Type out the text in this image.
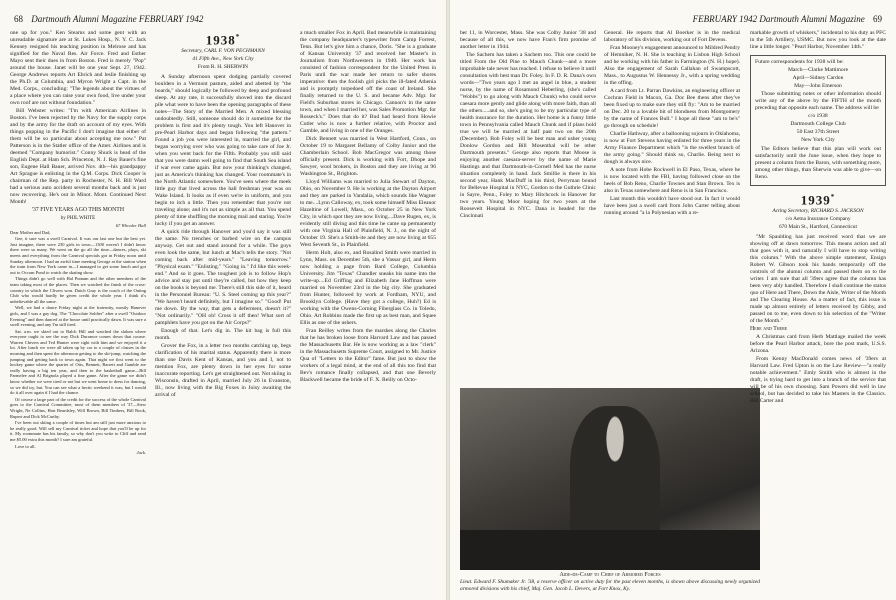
68 Dartmouth Alumni Magazine FEBRUARY 1942

one up for you." Ken Stearns and some gent with an unreadable signature are at St. Lukes Hosp., N. Y. C. Jack Kenney resigned his teaching position in Melrose and has signified for the Naval Res. Air Force. Fred and Esther Mayo sent their dues in from Boston. Fred is merely "Pop" around the house. Janet will be one year Sept. 27, 1942. George Andrews reports Art Ehrich and leslie finishing up the Ph.D. at Columbia, and Myron Wright a Capt. in the Med. Corps., concluding: "The legends about the virtues of a place where you can raise your own food, live under your own roof are not without foundation."

Bill Webster writes: "I'm with American Airlines in Boston. I've been rejected by the Navy for the supply corps and by the army for the draft on account of my eyes. With things popping in the Pacific I don't imagine that either of them will be so particular about accepting me now." Pat Patterson is in the Statler office of the Amer. Airlines and is deemed "Company humorist." Conny Shuck is head of the English Dept. at Ham Sch. Princeton, N. J. Ray Bauer's fine son, Eugene Hall Bauer, arrived Nov. 4th—his grandpappy Art Sprague is enlisting in the Q.M. Corps. Dick Cooper is chairman of the Rep. party in Rochester, N. H. Bill Ward had a serious auto accident several months back and is just now recovering. He's out in Minot. Mont. Continued Next Month!

'37 FIVE YEARS AGO THIS MONTH

by PHIL WHITE

67 Whooler Hall

Dear Mother and Dad,

Gee, it sure was a swell Carnival. It was our last one but the best yet. Just imagine, there were 230 girls in town—1300 weren't I didn't know there were so many. We went on the go all the time—dances, plays, ski meets and everything from the Carnival specials got in Friday noon until Sunday afternoon. I had an awful time meeting George at the station when the train from New York came in—I managed to get some lunch and got out to Occom Pond to watch the skating show.

Things didn't go well with Hal Putnam and the other members of the team taking most of the places. Then we watched the finish of the cross-country in which the Clivers won. Dutch Gray is the coach of the Outing Club who would hardly be given credit the whole year. I think it's unbelievable all the same.

Well, we had a dance Friday night at the fraternity, mostly Hanover girls, and I was a gay dog. The "Chocolate Soldier" after a swell "Outdoor Evening" and then danced at the house until practically dawn. It was sure a swell evening, and any I'm still tired.

Sat. a.m. we skied out to Balch Hill and watched the slalom where everyone ought to see the way Dick Durrance comes down that course. Warren Chivers and Ted Hunter were right with him and we enjoyed it a lot. After lunch we were all taken up by car to a couple of classes in the morning and then spent the afternoon getting to the ski-jump, watching the jumping and getting back to town again. That night we first went to the hockey game where the quartet of Otis, Bennett, Barrett and Gamble are really having a big ten year, and then to the basketball game—Bill Parmelee and Al Brignola played a fine game. After the game we didn't know whether we were tired or not but we went home to dress for dancing, so we did try, but. You can see what a hectic weekend it was; but I would do it all over again if I had the chance.

Of course a large part of the credit for the success of the whole Carnival goes to the Carnival Committee, most of them members of '37—Stew Wright, Ne Collins, Hart Beardsley, Will Brown, Bill Timbers, Bill Rook, Rupert and Dick McCarthy.

I've been out skiing a couple of times but am still just more anxious to be really good. Will sell my Carnival ticket and hope that you'll be up for it. My roommate has his family, so why don't you write to Cliff and send me $5.00 extra this month? I sure am grateful.

Love to all.

Jack.

1938*

Secretary, CARL F. VON PECHMANN

41 Fifth Ave., New York City

From R. H. SHERWIN

A Sunday afternoon spent dodging partially covered boulders in a Vermont pasture, aided and abetted by "the boards," should logically be followed by deep and profound sleep. At any rate, it successfully shoved into the discard pile what were to have been the opening paragraphs of these notes—The Story of the Married Men. A mixed blessing undoubtedly. Still, someone should do it sometime for the problem is first and it's plenty tough. You left Hanover in pre-Pearl Harbor days and began following "the pattern." Found a job you were interested in, married the girl, and began worrying over who was going to take care of Joe Jr. when you went back for the Fifth. Probably you still said that you were damn well going to find that South Sea island if war ever came again. But now your thinking's changed, just as America's thinking has changed. Your roommate's in the North Atlantic somewhere. You've seen where the meek little guy that lived across the hall freshman year was on Wake Island. It looks as if even we're in uniform, and you begin to itch a little. Then you remember that you're not traveling alone; and it's not as simple as all that. You spend plenty of time shuffling the morning mail and staring. You're lucky if you get an answer.

A quick ride through Hanover and you'd say it was still the same. No trenches or barbed wire on the campus anyway. Get out and stand around for a while. The guys even look the same, but lunch at Mac's tells the story. "Not coming back after mid-years." "Leaving tomorrow." "Physical exam." "Enlisting." "Going in." I'd like this week-end." And so it goes. The toughest job is to follow Hop's advice and stay put until they're called, but how they keep on the books is beyond me. There's still this side of it, heard in the Personnel Bureau: "U. S. Steel coming up this year?" "We haven't heard definitely, but I imagine so." "Good! Put me down. By the way, that gets a deferment, doesn't it?" "Not ordinarily." "OH oh! Cross it off then! What sort of pamphlets have you got on the Air Corps?"

Enough of that. Let's dig in. The kit bag is full this month.

Grover the Fox, in a letter two months catching up, begs clarification of his marital status. Apparently there is more than one Davis Kent of Kansas, and you and I, not to mention Fox, are plenty down in her eyes for some inaccurate reporting. Let's get straightened out. Not skiing in Wisconsin, drafted in April, married July 26 in Evanston, Ill., now living with the Big Foxes in Joisy awaiting the arrival of

a much smaller Fox in April. Bud meanwhile is maintaining the company headquarter's typewriter from Camp Forrest, Tenn. But let's give him a chance, Doris. "She is a graduate of Kansas University '37 and received her Master's in Journalism from Northwestern in 1940. Her work has consisted of fashion correspondent for the United Press in Paris until the war made her return to safer shores imperative: then the foolish girl picks the ill-fated Athenia and is promptly torpedoed off the coast of Ireland. She finally returned to the U. S. and became Adv. Mgr. for Field's Suburban stores in Chicago. Cannon's in the same town, and when I married her, was Sales Promotion Mgr. for Rosseck's." Does that do it? Bud had heard from Howie Cutler who is now a further relative, with Proctor and Gamble, and living in one of the Oranges.

Dick Bennett was married in West Hartford, Conn., on October 19 to Margaret Bellamy of Colby Junior and the Chamberlain School. Bob MacGregor was among those officially present. Dick is working with Fort, Dhope and Sawyer, wool brokers, in Boston and they are living at 96 Washington St., Brighton.

Lloyd Williams was married to Julia Stewart of Dayton, Ohio, on November 9. He is working at the Dayton Airport and they are parked in Vandalia, which sounds like Wagner to me....Lynn Calloway, ex, took some himself Miss Eleanor Hazeltine of Lowell, Mass., on October 25 in New York City, in which spot they are now living....Dave Rugen, ex, is evidently still diving and this time he came up permanently with one Virginia Hall of Plainfield, N. J., on the night of October 19. She's a Smith-ite and they are now living at 655 West Seventh St., in Plainfield.

Herm Holt, also ex, and Rosalind Smith were married in Lynn, Mass. on December 5th, she a Vassar girl, and Herm now holding a page from Bard College, Columbia University. Jim "Texas" Chandler sneaks his name into the write-up....Ed Griffing and Elizabeth Jane Hoffman were married on November 23rd in the big city. She graduated from Hunter, followed by work at Fordham, NYU, and Brooklyn College. (Have they got a college, Huh?) Ed is working with the Owens-Corning Fiberglass Co. in Toledo, Ohio. Art Robbins made the first up as best man, and Squee Ellis as one of the ushers.

Fran Reilley writes from the marshes along the Charles that he has broken loose from Harvard Law and has passed the Massachusetts Bar. He is now working as a law "clerk" in the Massachusetts Supreme Court, assigned to Mr. Justice Qua of "Letters to the Editor" fame. But just to show the workers of a legal mind, at the end of all this too find that Bev's romance finally collapsed, and that one Beverly Blackwell became the bride of F. X. Reilly on Octo-

FEBRUARY 1942 Dartmouth Alumni Magazine 69

ber 11, in Worcester, Mass. She was Colby Junior '38 and because of all this, we now have Fran's firm promise of another letter in 1944.

The Sachem has taken a Sachem too. This one could be titled From the Old Pine to Mauch Chunk—and a more improbable tale never has reached. I refuse to believe it until consultation with best man Dr. Foley. In F. D. R. Dana's own words—"Two years ago I met an angel in blue, a student nurse, by the name of Rosamond Heberling, (she's called "Wobbs") to go along with Mauch Chunk) who could serve caesara more gently and glide along with more faith, than all the others.....and so, she's going to be my particular type of health insurance for the duration. Her home is a funny little town in Pennsylvania called Mauch Chunk and if plans hold true we will be married at half past two on the 20th (December). Bob Foley will be best man and usher young Donlow Gordon and Bill Mosenthal will be other Dartmouth presents." George also reports that Moose is enjoying another caesara-server by the name of Marie Hastings and that Dartmouth-in-Cornell Med has the nurse situation completely in hand. Jack Smillie is there in his second year, Hank MacDuff in his third, Perryman bound for Bellevue Hospital in NYC, Gordon to the Guthrie Clinic in Sayre, Penn., Foley to Mary Hitchcock in Hanover for two years. Young Moor hoping for two years at the Roosevelt Hospital in NYC. Dana is headed for the Cincinnati

General. He reports that Al Boerker is in the medical laboratory of his division, working out of Fort Devens.

Fran Mooney's engagement announced to Mildred Pendry of Hemniker, N. H. She is teaching in Lisbon High School and he working with his father in Farmington (N. H.) hope). Also the engagement of Sarah Callahan of Swampscott, Mass., to Augustus W. Hennessy Jr., with a spring wedding in the offing.

A card from Lt. Parran Dawkins, an engineering officer at Cochran Field in Macon, Ga. Doc Bee thens after they've been fixed up to make sure they still fly: "Am to be married on Dec. 20 to a lovable bit of blondness from Montgomery by the name of Frances Bull." I hope all these "am to be's" go through on schedule!

Charlie Hathway, after a ballooning sojourn in Oklahoma, is now at Fort Stevens having enlisted for three years in the Army Finance Department which "is the swellest branch of the army going." Should think so, Charlie. Being next to dough is always nice.

A note from Hobe Rockwell in El Paso, Texas, where he is now located with the FBI, having followed close on the heels of Bob Reno, Charlie Townes and Stan Brown. Tex is also in Texas somewhere and Reno is in San Francisco.

Last month this wouldn't have stood out. In fact it would have been just a swell card from John Carter telling about running around "a la Polynesian with a re-

Aide-de-Camp to Chief of Armored Forces
Lieut. Edward F. Shumaker Jr. '38, a reserve officer on active duty for the past eleven months, is shown above discussing newly organized armored divisions with his chief, Maj. Gen. Jacob L. Devers, at Fort Knox, Ky.

markable growth of whiskers," incidental to his duty as PFC in the 5th Artillery, USMC. But now you look at the date line a little longer. "Pearl Harbor, November 14th."

Future correspondents for 1938 will be:

March—Clarke Mattimore

April—Sidney Cardon

May—John Emerson

Those submitting notes or other information should write any of the above by the FIFTH of the month preceding that opposite each name. The address will be

c/o 1938

Dartmouth College Club

50 East 37th Street

New York City

The Editors believe that this plan will work out satisfactorily until the June issue, when they hope to present a column from the Baron, with something more, among other things, than Sherwin was able to give—on Reno.

1939*

Acting Secretary, RICHARD S. JACKSON

c/o Aetna Insurance Company

670 Main St., Hartford, Connecticut

"Mr Spaulding has just received word that we are showing off at dawn tomorrow. This means action and all that goes with it, and naturally I will have to stop writing this column." With the above simple statement, Ensign Robert W. Gibson took his hands temporarily off the controls of the alumni column and passed them on to the writer. I am sure that all '39ers agree that the column has been very ably handled. Therefore I shall continue the status quo of Here and There, Down the Aisle, Writer of the Month and The Clearing House. As a matter of fact, this issue is made up almost entirely of letters received by Gibby, and passed on to me, even down to his selection of the "Writer of the Month."

Here and There

A Christmas card from Herb Mattlage mailed the week before the Pearl Harbor attack, bore the post mark, U.S.S. Arizona.

From Kenny MacDonald comes news of '39ers at Harvard Law. Fred Upton is on the Law Review—"a really notable achievement." Emly Smith who is almost in the draft, is trying hard to get into a branch of the service that will be of his own choosing. Sam Powers did well in law school, but has decided to take his Masters in the Classics. Bill Carter and
